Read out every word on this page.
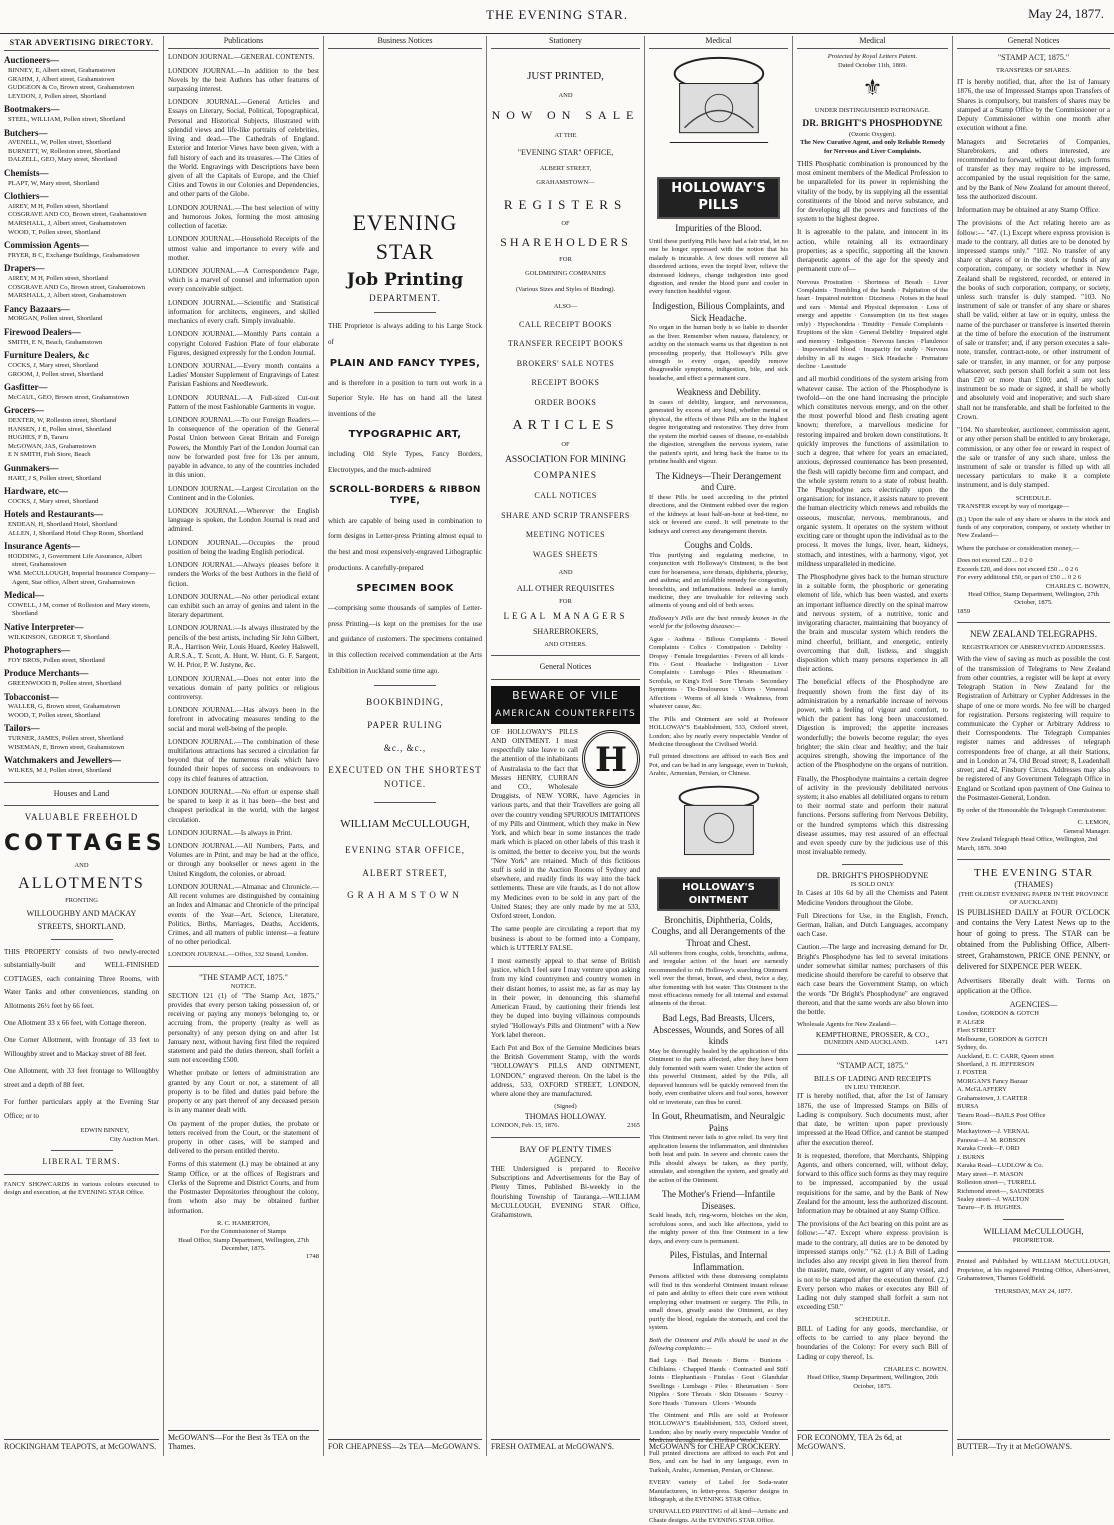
THE EVENING STAR.	May 24, 1877.
STAR ADVERTISING DIRECTORY.
Auctioneers—
BINNEY, E, Albert street, Grahamstown
GRAHM, J, Albert street, Grahamstown
GUDGEON & Co, Brown street, Grahamstown
LEYDON, J, Pollen street, Shortland
Bootmakers—
STEEL, WILLIAM, Pollen street, Shortland
Butchers—
AVENELL, W, Pollen street, Shortland
BURNETT, W, Rolleston street, Shortland
DALZELL, GEO, Mary street, Shortland
Chemists—
PLAPT, W, Mary street, Shortland
Clothiers—
AIREY, M H, Pollen street, Shortland
COSGRAVE AND CO, Brown street, Grahamstown
MARSHALL, J, Albert street, Grahamstown
WOOD, T, Pollen street, Shortland
Commission Agents—
FRYER, B C, Exchange Buildings, Grahamstown
Drapers—
AIREY, M H, Pollen street, Shortland
COSGRAVE AND Co, Brown street, Grahamstown
MARSHALL, J, Albert street, Grahamstown
Fancy Bazaars—
MORGAN, Pollen street, Shortland
Firewood Dealers—
SMITH, E N, Beach, Grahamstown
Furniture Dealers, &c
COCKS, J, Mary street, Shortland
GROOM, J, Pollen street, Shortland
Gasfitter—
McCAUL, GEO, Brown street, Grahamstown
Grocers—
DEXTER, W, Rolleston street, Shortland
HANSEN, J E, Pollen street, Shortland
HUGHES, F B, Tararu
McGOWAN, JAS, Grahamstown
E N SMITH, Fish Store, Beach
Gunmakers—
HART, J S, Pollen street, Shortland
Hardware, etc—
COCKS, J, Mary street, Shortland
Hotels and Restaurants—
ENDEAN, H, Shortland Hotel, Shortland
ALLEN, J, Shortland Hotel Chop Room, Shortland
Insurance Agents—
HODDING, J, Government Life Assurance, Albert street, Grahamstown
WM. McCULLOUGH, Imperial Insurance Company—Agent, Star office, Albert street, Grahamstown
Medical—
COWELL, J M, corner of Rolleston and Mary streets, Shortland
Native Interpreter—
WILKINSON, GEORGE T, Shortland
Photographers—
FOY BROS, Pollen street, Shortland
Produce Merchants—
GREENWOOD B, Pollen street, Shortland
Tobacconist—
WALLER, G, Brown street, Grahamstown
WOOD, T, Pollen street, Shortland
Tailors—
TURNER, JAMES, Pollen street, Shortland
WISEMAN, E, Brown street, Grahamstown
Watchmakers and Jewellers—
WILKES, M J, Pollen street, Shortland
Houses and Land
VALUABLE FREEHOLD
COTTAGES
AND
ALLOTMENTS
FRONTING
WILLOUGHBY AND MACKAY
STREETS, SHORTLAND.
THIS PROPERTY consists of two newly-erected substantially-built and WELL-FINISHED COTTAGES, each containing Three Rooms, with Water Tanks and other conveniences, standing on Allotments 26½ feet by 66 feet.
One Allotment 33 x 66 feet, with Cottage thereon.
One Corner Allotment, with frontage of 33 feet to Willoughby street and to Mackay street of 88 feet.
One Allotment, with 33 feet frontage to Willoughby street and a depth of 88 feet.
For further particulars apply at the Evening Star Office; or to
EDWIN BINNEY,
City Auction Mart.
LIBERAL TERMS.
FANCY SHOWCARDS in various colours executed to design and execution, at the EVENING STAR Office.
ROCKINGHAM TEAPOTS, at McGOWAN'S.
Publications
LONDON JOURNAL.—GENERAL CONTENTS.
LONDON JOURNAL.—In addition to the best Novels by the best Authors has other features of surpassing interest.
LONDON JOURNAL.—General Articles and Essays on Literary, Social, Political, Topographical, Personal and Historical Subjects, illustrated with splendid views and life-like portraits of celebrities, living and dead.—The Cathedrals of England. Exterior and Interior Views have been given, with a full history of each and its treasures.—The Cities of the World. Engravings with Descriptions have been given of all the Capitals of Europe, and the Chief Cities and Towns in our Colonies and Dependencies, and other parts of the Globe.
LONDON JOURNAL.—The best selection of witty and humorous Jokes, forming the most amusing collection of facetiæ.
LONDON JOURNAL.—Household Receipts of the utmost value and importance to every wife and mother.
LONDON JOURNAL.—A Correspondence Page, which is a marvel of counsel and information upon every conceivable subject.
LONDON JOURNAL.—Scientific and Statistical information for architects, engineers, and skilled mechanics of every craft. Simply invaluable.
LONDON JOURNAL.—Monthly Parts contain a copyright Colored Fashion Plate of four elaborate Figures, designed expressly for the London Journal.
LONDON JOURNAL.—Every month contains a Ladies' Monster Supplement of Engravings of Latest Parisian Fashions and Needlework.
LONDON JOURNAL.—A Full-sized Cut-out Pattern of the most Fashionable Garments in vogue.
LONDON JOURNAL.—To our Foreign Readers.—In consequence of the operation of the General Postal Union between Great Britain and Foreign Powers, the Monthly Part of the London Journal can now be forwarded post free for 13s per annum, payable in advance, to any of the countries included in this union.
LONDON JOURNAL.—Largest Circulation on the Continent and in the Colonies.
LONDON JOURNAL.—Wherever the English language is spoken, the London Journal is read and admired.
LONDON JOURNAL.—Occupies the proud position of being the leading English periodical.
LONDON JOURNAL.—Always pleases before it renders the Works of the best Authors in the field of fiction.
LONDON JOURNAL.—No other periodical extant can exhibit such an array of genius and talent in the literary department.
LONDON JOURNAL.—Is always illustrated by the pencils of the best artists, including Sir John Gilbert, R.A., Harrison Weir, Louis Huard, Keeley Halswell, A.R.S.A., T. Scott, A. Hunt, W. Hunt, G. F. Sargent, W. H. Prior, P. W. Justyne, &c.
LONDON JOURNAL.—Does not enter into the vexatious domain of party politics or religious controversy.
LONDON JOURNAL.—Has always been in the forefront in advocating measures tending to the social and moral well-being of the people.
LONDON JOURNAL.—The combination of these multifarious attractions has secured a circulation far beyond that of the numerous rivals which have founded their hopes of success on endeavours to copy its chief features of attraction.
LONDON JOURNAL.—No effort or expense shall be spared to keep it as it has been—the best and cheapest periodical in the world, with the largest circulation.
LONDON JOURNAL.—Is always in Print.
LONDON JOURNAL.—All Numbers, Parts, and Volumes are in Print, and may be had at the office, or through any bookseller or news agent in the United Kingdom, the colonies, or abroad.
LONDON JOURNAL.—Almanac and Chronicle.—All recent volumes are distinguished by containing an Index and Almanac and Chronicle of the principal events of the Year—Art, Science, Literature, Politics, Births, Marriages, Deaths, Accidents, Crimes, and all matters of public interest—a feature of no other periodical.
LONDON JOURNAL.—Office, 332 Strand, London.
"THE STAMP ACT, 1875."
NOTICE.
SECTION 121 (1) of "The Stamp Act, 1875," provides that every person taking possession of, or receiving or paying any moneys belonging to, or accruing from, the property (realty as well as personalty) of any person dying on and after 1st January next, without having first filed the required statement and paid the duties thereon, shall forfeit a sum not exceeding £500.
Whether probate or letters of administration are granted by any Court or not, a statement of all property is to be filed and duties paid before the property or any part thereof of any deceased person is in any manner dealt with.
On payment of the proper duties, the probate or letters received from the Court, or the statement of property in other cases, will be stamped and delivered to the person entitled thereto.
Forms of this statement (L) may be obtained at any Stamp Office, or at the offices of Registrars and Clerks of the Supreme and District Courts, and from the Postmaster Depositories throughout the colony, from whom also may be obtained further information.
R. C. HAMERTON,
For the Commissioner of Stamps
Head Office, Stamp Department, Wellington, 27th December, 1875.
1748
McGOWAN'S—For the Best 3s TEA on the Thames.
Business Notices
EVENING STAR
Job Printing
DEPARTMENT.
THE Proprietor is always adding to his Large Stock of
PLAIN AND FANCY TYPES,
and is therefore in a position to turn out work in a Superior Style. He has on hand all the latest inventions of the
TYPOGRAPHIC ART,
including Old Style Types, Fancy Borders, Electrotypes, and the much-admired
SCROLL-BORDERS & RIBBON TYPE,
which are capable of being used in combination to form designs in Letter-press Printing almost equal to the best and most expensively-engraved Lithographic productions. A carefully-prepared
SPECIMEN BOOK
—comprising some thousands of samples of Letter-press Printing—is kept on the premises for the use and guidance of customers. The specimens contained in this collection received commendation at the Arts Exhibition in Auckland some time ago.
BOOKBINDING,
PAPER RULING
&c., &c.,
EXECUTED ON THE SHORTEST
NOTICE.
WILLIAM McCULLOUGH,
EVENING STAR OFFICE,
ALBERT STREET,
GRAHAMSTOWN
FOR CHEAPNESS—2s TEA—McGOWAN'S.
Stationery
JUST PRINTED,
AND
NOW ON SALE
AT THE
"EVENING STAR" OFFICE,
ALBERT STREET,
GRAHAMSTOWN—
REGISTERS
OF
SHAREHOLDERS
FOR
GOLDMINING COMPANIES
(Various Sizes and Styles of Binding).
ALSO—
CALL RECEIPT BOOKS
TRANSFER RECEIPT BOOKS
BROKERS' SALE NOTES
RECEIPT BOOKS
ORDER BOOKS
ARTICLES
OF
ASSOCIATION FOR MINING
COMPANIES
CALL NOTICES
SHARE AND SCRIP TRANSFERS
MEETING NOTICES
WAGES SHEETS
AND
ALL OTHER REQUISITES
FOR
LEGAL MANAGERS
SHAREBROKERS,
AND OTHERS.
General Notices
BEWARE OF VILE
AMERICAN COUNTERFEITS
H
OF HOLLOWAY'S PILLS AND OINTMENT. I most respectfully take leave to call the attention of the inhabitants of Australasia to the fact that Messrs HENRY, CURRAN and CO., Wholesale Druggists, of NEW YORK, have Agencies in various parts, and that their Travellers are going all over the country vending SPURIOUS IMITATIONS of my Pills and Ointment, which they make in New York, and which bear in some instances the trade mark which is placed on other labels of this trash it is omitted, the better to deceive you, but the words "New York" are retained. Much of this fictitious stuff is sold in the Auction Rooms of Sydney and elsewhere, and readily finds its way into the back settlements. These are vile frauds, as I do not allow my Medicines even to be sold in any part of the United States; they are only made by me at 533, Oxford street, London.
The same people are circulating a report that my business is about to be formed into a Company, which is UTTERLY FALSE.
I most earnestly appeal to that sense of British justice, which I feel sure I may venture upon asking from my kind countrymen and country women in their distant homes, to assist me, as far as may lay in their power, in denouncing this shameful American Fraud, by cautioning their friends lest they be duped into buying villainous compounds styled "Holloway's Pills and Ointment" with a New York label thereon.
Each Pot and Box of the Genuine Medicines bears the British Government Stamp, with the words "HOLLOWAY'S PILLS AND OINTMENT, LONDON," engraved thereon. On the label is the address, 533, OXFORD STREET, LONDON, where alone they are manufactured.
(Signed)
THOMAS HOLLOWAY.
LONDON, Feb. 15, 1876.	2365
BAY OF PLENTY TIMES
AGENCY.
THE Undersigned is prepared to Receive Subscriptions and Advertisements for the Bay of Plenty Times, Published Bi-weekly in the flourishing Township of Tauranga.—WILLIAM McCULLOUGH, EVENING STAR Office, Grahamstown.
FRESH OATMEAL at McGOWAN'S.
Medical
HOLLOWAY'S PILLS
Impurities of the Blood.
Until these purifying Pills have had a fair trial, let no one be longer oppressed with the notion that his malady is incurable. A few doses will remove all disordered actions, even the torpid liver, relieve the distressed kidneys, change indigestion into good digestion, and render the blood pure and cooler in every function healthful vigour.
Indigestion, Bilious Complaints, and Sick Headache.
No organ in the human body is so liable to disorder as the liver. Remember when nausea, flatulency, or acidity on the stomach warns us that digestion is not proceeding properly, that Holloway's Pills give strength to every organ, speedily remove disagreeable symptoms, indigestion, bile, and sick headache, and effect a permanent cure.
Weakness and Debility.
In cases of debility, languor, and nervousness, generated by excess of any kind, whether mental or physical, the effects of these Pills are in the highest degree invigorating and restorative. They drive from the system the morbid causes of disease, re-establish the digestion, strengthen the nervous system, raise the patient's spirit, and bring back the frame to its pristine health and vigour.
The Kidneys—Their Derangement and Cure.
If these Pills be used according to the printed directions, and the Ointment rubbed over the region of the kidneys at least half-an-hour at bed-time, no sick or fevered are cured. It will penetrate to the kidneys and correct any derangement therein.
Coughs and Colds.
This purifying and regulating medicine, in conjunction with Holloway's Ointment, is the best cure for hoarseness, sore throats, diphtheria, pleurisy, and asthma; and an infallible remedy for congestion, bronchitis, and inflammations. Indeed as a family medicine, they are invaluable for relieving such ailments of young and old of both sexes.
Holloway's Pills are the best remedy known in the world for the following diseases:—
Ague · Asthma · Bilious Complaints · Bowel Complaints · Colics · Constipation · Debility · Dropsy · Female Irregularities · Fevers of all kinds · Fits · Gout · Headache · Indigestion · Liver Complaints · Lumbago · Piles · Rheumatism · Scrofula, or King's Evil · Sore Throats · Secondary Symptoms · Tic-Douloureux · Ulcers · Venereal Affections · Worms of all kinds · Weakness, from whatever cause, &c.
The Pills and Ointment are sold at Professor HOLLOWAY'S Establishment, 533, Oxford street, London; also by nearly every respectable Vendor of Medicine throughout the Civilised World.
Full printed directions are affixed to each Box and Pot, and can be had in any language, even in Turkish, Arabic, Armenian, Persian, or Chinese.
HOLLOWAY'S OINTMENT
Bronchitis, Diphtheria, Colds, Coughs, and all Derangements of the Throat and Chest.
All sufferers from coughs, colds, bronchitis, asthma, and irregular action of the heart are earnestly recommended to rub Holloway's searching Ointment well over the throat, breast, and chest, twice a day, after fomenting with hot water. This Ointment is the most efficacious remedy for all internal and external ailments of the throat.
Bad Legs, Bad Breasts, Ulcers, Abscesses, Wounds, and Sores of all kinds
May be thoroughly healed by the application of this Ointment to the parts affected, after they have been duly fomented with warm water. Under the action of this powerful Ointment, aided by the Pills, all depraved humours will be quickly removed from the body, even combative ulcers and foul sores, however old or inveterate, can thus be cured.
In Gout, Rheumatism, and Neuralgic Pains
This Ointment never fails to give relief. Its very first application lessens the inflammation, and diminishes both heat and pain. In severe and chronic cases the Pills should always be taken, as they purify, stimulate, and strengthen the system, and greatly aid the action of the Ointment.
The Mother's Friend—Infantile Diseases.
Scald heads, itch, ring-worm, blotches on the skin, scrofulous sores, and such like affections, yield to the mighty power of this fine Ointment in a few days, and every cure is permanent.
Piles, Fistulas, and Internal Inflammation.
Persons afflicted with these distressing complaints will find in this wonderful Ointment instant release of pain and ability to effect their cure even without employing other treatment or surgery. The Pills, in small doses, greatly assist the Ointment, as they purify the blood, regulate the stomach, and cool the system.
Both the Ointment and Pills should be used in the following complaints:—
Bad Legs · Bad Breasts · Burns · Bunions · Chilblains · Chapped Hands · Contracted and Stiff Joints · Elephantiasis · Fistulas · Gout · Glandular Swellings · Lumbago · Piles · Rheumatism · Sore Nipples · Sore Throats · Skin Diseases · Scurvy · Sore Heads · Tumours · Ulcers · Wounds
The Ointment and Pills are sold at Professor HOLLOWAY'S Establishment, 533, Oxford street, London; also by nearly every respectable Vendor of Medicine throughout the Civilised World.
Full printed directions are affixed to each Pot and Box, and can be had in any language, even in Turkish, Arabic, Armenian, Persian, or Chinese.
EVERY variety of Label for Soda-water Manufacturers, in letter-press. Superior designs in lithograph, at the EVENING STAR Office.
UNRIVALLED PRINTING of all kind—Artistic and Chaste designs. At the EVENING STAR Office.
McGOWAN'S for CHEAP CROCKERY.
Medical
Protected by Royal Letters Patent.
Dated October 11th, 1869.
⚜
UNDER DISTINGUISHED PATRONAGE.
DR. BRIGHT'S PHOSPHODYNE
(Ozonic Oxygen).
The New Curative Agent, and only Reliable Remedy for Nervous and Liver Complaints.
THIS Phosphatic combination is pronounced by the most eminent members of the Medical Profession to be unparalleled for its power in replenishing the vitality of the body, by its supplying all the essential constituents of the blood and nerve substance, and for developing all the powers and functions of the system to the highest degree.
It is agreeable to the palate, and innocent in its action, while retaining all its extraordinary properties; as a specific, supporting all the known therapeutic agents of the age for the speedy and permanent cure of—
Nervous Prostration · Shortness of Breath · Liver Complaints · Trembling of the hands · Palpitation of the heart · Impaired nutrition · Dizziness · Noises in the head and ears · Mental and Physical depression · Loss of energy and appetite · Consumption (in its first stages only) · Hypochondria · Timidity · Female Complaints · Eruptions of the skin · General Debility · Impaired sight and memory · Indigestion · Nervous fancies · Flatulence · Impoverished blood · Incapacity for study · Nervous debility in all its stages · Sick Headache · Premature decline · Lassitude
and all morbid conditions of the system arising from whatever cause. The action of the Phosphodyne is twofold—on the one hand increasing the principle which constitutes nervous energy, and on the other the most powerful blood and flesh creating agent known; therefore, a marvellous medicine for restoring impaired and broken down constitutions. It quickly improves the functions of assimilation to such a degree, that where for years an emaciated, anxious, depressed countenance has been presented, the flesh will rapidly become firm and compact, and the whole system return to a state of robust health. The Phosphodyne acts electrically upon the organisation; for instance, it assists nature to prevent the human electricity which renews and rebuilds the osseous, muscular, nervous, membranous, and organic system. It operates on the system without exciting care or thought upon the individual as to the process. It moves the lungs, liver, heart, kidneys, stomach, and intestines, with a harmony, vigor, yet mildness unparalleled in medicine.
The Phosphodyne gives back to the human structure in a suitable form, the phosphoric or generating element of life, which has been wasted, and exerts an important influence directly on the spinal marrow and nervous system, of a nutritive, tonic and invigorating character, maintaining that buoyancy of the brain and muscular system which renders the mind cheerful, brilliant, and energetic, entirely overcoming that dull, listless, and sluggish disposition which many persons experience in all their actions.
The beneficial effects of the Phosphodyne are frequently shown from the first day of its administration by a remarkable increase of nervous power, with a feeling of vigour and comfort, to which the patient has long been unaccustomed. Digestion is improved; the appetite increases wonderfully; the bowels become regular; the eyes brighter; the skin clear and healthy; and the hair acquires strength, showing the importance of the action of the Phosphodyne on the organs of nutrition.
Finally, the Phosphodyne maintains a certain degree of activity in the previously debilitated nervous system; it also enables all debilitated organs to return to their normal state and perform their natural functions. Persons suffering from Nervous Debility, or the hundred symptoms which this distressing disease assumes, may rest assured of an effectual and even speedy cure by the judicious use of this most invaluable remedy.
DR. BRIGHT'S PHOSPHODYNE
IS SOLD ONLY
In Cases at 10s 6d by all the Chemists and Patent Medicine Vendors throughout the Globe.
Full Directions for Use, in the English, French, German, Italian, and Dutch Languages, accompany each Case.
Caution.—The large and increasing demand for Dr. Bright's Phosphodyne has led to several imitations under somewhat similar names; purchasers of this medicine should therefore be careful to observe that each case bears the Government Stamp, on which the words "Dr Bright's Phosphodyne" are engraved thereon, and that the same words are also blown into the bottle.
Wholesale Agents for New Zealand—
KEMPTHORNE, PROSSER, & CO.,
DUNEDIN AND AUCKLAND.	1471
"STAMP ACT, 1875."
BILLS OF LADING AND RECEIPTS
IN LIEU THEREOF.
IT is hereby notified, that, after the 1st of January 1876, the use of Impressed Stamps on Bills of Lading is compulsory. Such documents must, after that date, be written upon paper previously impressed at the Head Office, and cannot be stamped after the execution thereof.
It is requested, therefore, that Merchants, Shipping Agents, and others concerned, will, without delay, forward to this office such forms as they may require to be impressed, accompanied by the usual requisitions for the same, and by the Bank of New Zealand for the amount, less the authorized discount. Information may be obtained at any Stamp Office.
The provisions of the Act bearing on this point are as follow:—"47. Except where express provision is made to the contrary, all duties are to be denoted by impressed stamps only." "62. (1.) A Bill of Lading includes also any receipt given in lieu thereof from the master, mate, owner, or agent of any vessel, and is not to be stamped after the execution thereof. (2.) Every person who makes or executes any Bill of Lading not duly stamped shall forfeit a sum not exceeding £50."
SCHEDULE.
BILL of Lading for any goods, merchandise, or effects to be carried to any place beyond the boundaries of the Colony: For every such Bill of Lading or copy thereof, 1s.
CHARLES C. BOWEN.
Head Office, Stamp Department, Wellington, 20th October, 1875.
FOR ECONOMY, TEA 2s 6d, at McGOWAN'S.
General Notices
"STAMP ACT, 1875."
TRANSFERS OF SHARES.
IT is hereby notified, that, after the 1st of January 1876, the use of Impressed Stamps upon Transfers of Shares is compulsory, but transfers of shares may be stamped at a Stamp Office by the Commissioner or a Deputy Commissioner within one month after execution without a fine.
Managers and Secretaries of Companies, Sharebrokers, and others interested, are recommended to forward, without delay, such forms of transfer as they may require to be impressed, accompanied by the usual requisition for the same, and by the Bank of New Zealand for amount thereof, less the authorized discount.
Information may be obtained at any Stamp Office.
The provisions of the Act relating hereto are as follow:— "47. (1.) Except where express provision is made to the contrary, all duties are to be denoted by impressed stamps only." "102. No transfer of any share or shares of or in the stock or funds of any corporation, company, or society whether in New Zealand shall be registered, recorded, or entered in the books of such corporation, company, or society, unless such transfer is duly stamped. "103. No instrument of sale or transfer of any share or shares shall be valid, either at law or in equity, unless the name of the purchaser or transferee is inserted therein at the time of before the execution of the instrument of sale or transfer; and, if any person executes a sale-note, transfer, contract-note, or other instrument of sale or transfer, in any manner, or for any purpose whatsoever, such person shall forfeit a sum not less than £20 or more than £100; and, if any such instrument be so made or signed, it shall be wholly and absolutely void and inoperative; and such share shall not be transferable, and shall be forfeited to the Crown.
"104. No sharebroker, auctioneer, commission agent, or any other person shall be entitled to any brokerage, commission, or any other fee or reward in respect of the sale or transfer of any such share, unless the instrument of sale or transfer is filled up with all necessary particulars to make it a complete instrument, and is duly stamped.
SCHEDULE.
TRANSFER except by way of mortgage—
(8.) Upon the sale of any share or shares in the stock and funds of any corporation, company, or society whether in New Zealand—
Where the purchase or consideration money,—
Does not exceed £20 ... 0 2 0
Exceeds £20, and does not exceed £50 ... 0 2 6
For every additional £50, or part of £50 ... 0 2 6
CHARLES C. BOWEN,
Head Office, Stamp Department, Wellington, 27th October, 1875.
1859
NEW ZEALAND TELEGRAPHS.
REGISTRATION OF ABBREVIATED ADDRESSES.
With the view of saving as much as possible the cost of the transmission of Telegrams to New Zealand from other countries, a register will be kept at every Telegraph Station in New Zealand for the Registration of Arbitrary or Cypher Addresses in the shape of one or more words. No fee will be charged for registration. Persons registering will require to communicate the Cypher or Arbitrary Address to their Correspondents. The Telegraph Companies register names and addresses of telegraph correspondents free of charge, at all their Stations, and in London at 74, Old Broad street; 8, Leadenhall street; and 42, Finsbury Circus. Addresses may also be registered of any Government Telegraph Office in England or Scotland upon payment of One Guinea to the Postmaster-General, London.
By order of the Honourable the Telegraph Commissioner.
C. LEMON,
General Manager.
New Zealand Telegraph Head Office, Wellington, 2nd March, 1876. 3040
THE EVENING STAR
(THAMES)
(THE OLDEST EVENING PAPER IN THE PROVINCE OF AUCKLAND)
IS PUBLISHED DAILY at FOUR O'CLOCK and contains the Very Latest News up to the hour of going to press. The STAR can be obtained from the Publishing Office, Albert-street, Grahamstown, PRICE ONE PENNY, or delivered for SIXPENCE PER WEEK.
Advertisers liberally dealt with. Terms on application at the Office.
AGENCIES—
London, GORDON & GOTCH
P. ALGER
Fleet STREET
Melbourne, GORDON & GOTCH
Sydney, do.
Auckland, E. C. CARR, Queen street
Shortland, J. H. JEFFERSON
J. FOSTER
MORGAN'S Fancy Bazaar
A. McGLAFFERY
Grahamstown, J. CARTER
BURSA
Tararu Road—BAILS Post Office
Store.
Mackaytown—J. VERNAL
Parawai—J. M. ROBSON
Karaka Creek—F. ORD
J. BURNS
Karaka Road—LUDLOW & Co.
Mary street—F. MASON
Rolleston street—, TURRELL
Richmond street—, SAUNDERS
Sealey street—J. WALTON
Tararu—F. B. HUGHES.
WILLIAM McCULLOUGH,
PROPRIETOR.
Printed and Published by WILLIAM McCULLOUGH, Proprietor, at his registered Printing Office, Albert-street, Grahamstown, Thames Goldfield.
THURSDAY, MAY 24, 1877.
BUTTER—Try it at McGOWAN'S.
